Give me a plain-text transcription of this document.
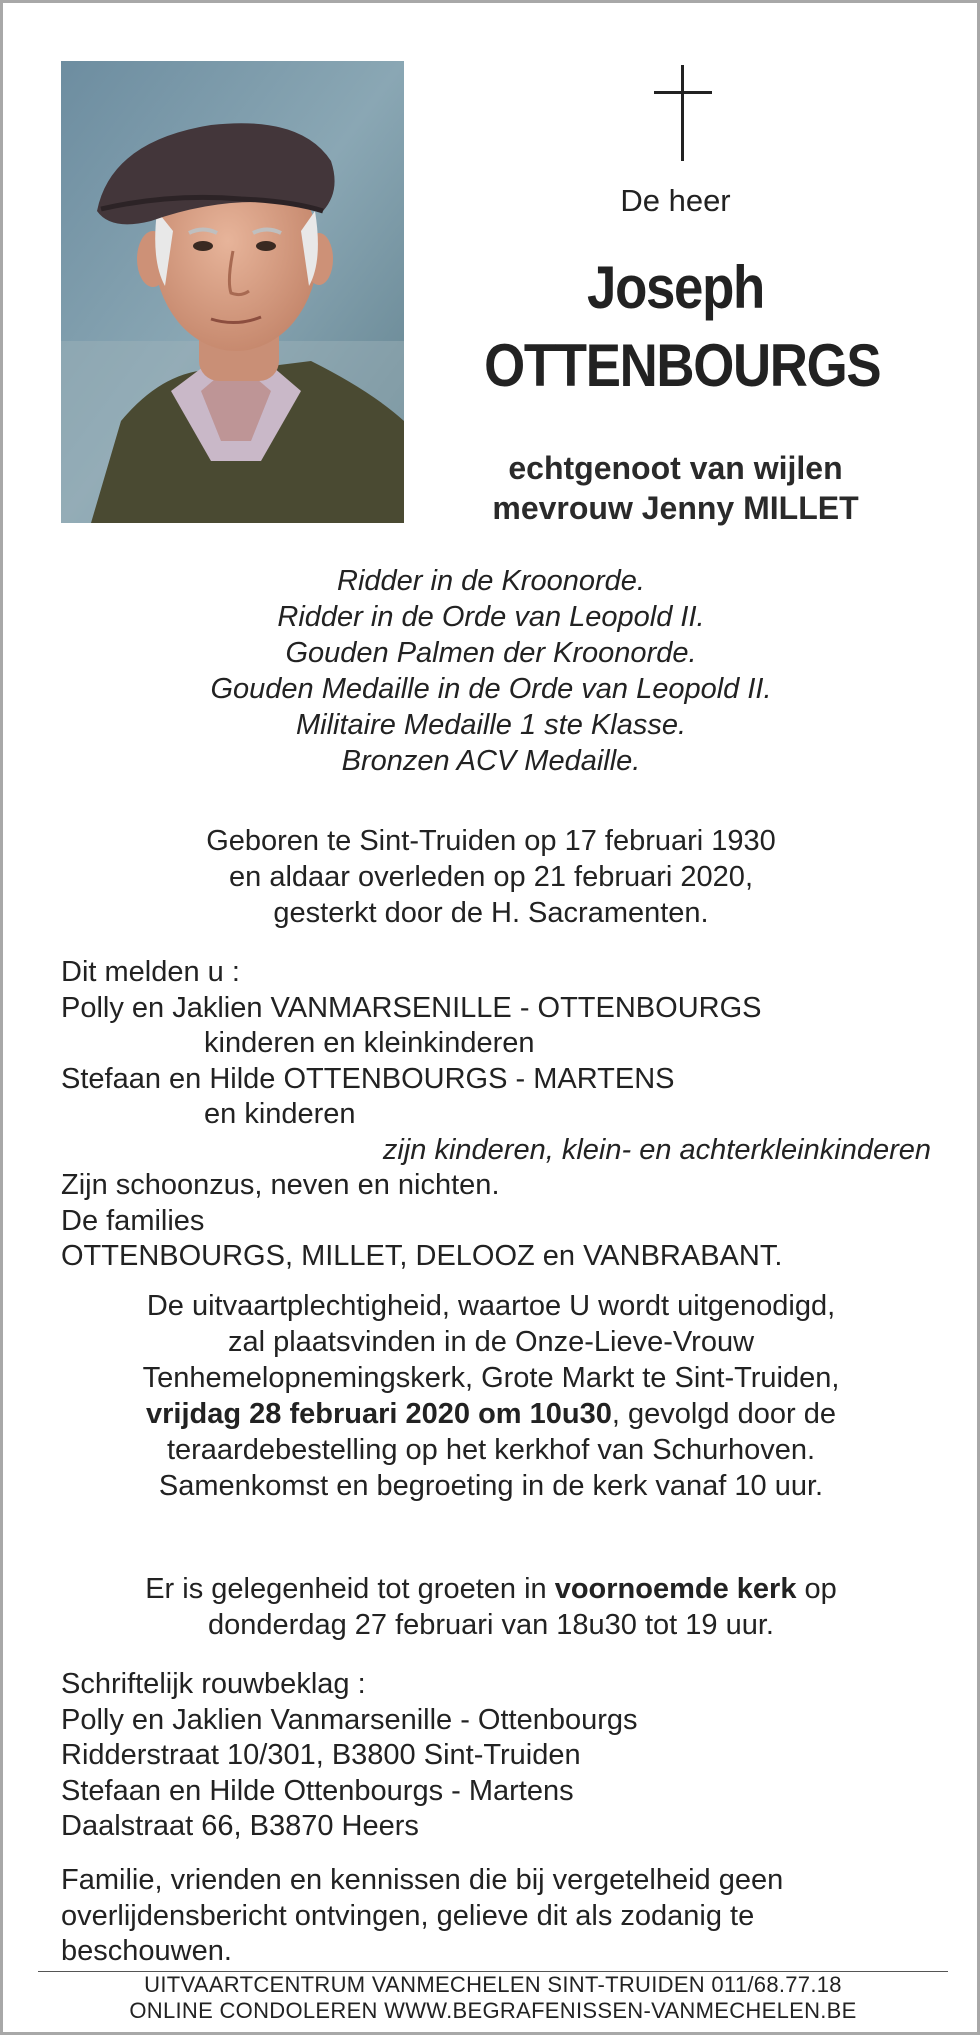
De heer
Joseph
OTTENBOURGS
echtgenoot van wijlen
mevrouw Jenny MILLET
Ridder in de Kroonorde.
Ridder in de Orde van Leopold II.
Gouden Palmen der Kroonorde.
Gouden Medaille in de Orde van Leopold II.
Militaire Medaille 1 ste Klasse.
Bronzen ACV Medaille.
Geboren te Sint-Truiden op 17 februari 1930
en aldaar overleden op 21 februari 2020,
gesterkt door de H. Sacramenten.
Dit melden u :
Polly en Jaklien VANMARSENILLE - OTTENBOURGS
kinderen en kleinkinderen
Stefaan en Hilde OTTENBOURGS - MARTENS
en kinderen
zijn kinderen, klein- en achterkleinkinderen
Zijn schoonzus, neven en nichten.
De families
OTTENBOURGS, MILLET, DELOOZ en VANBRABANT.
De uitvaartplechtigheid, waartoe U wordt uitgenodigd,
zal plaatsvinden in de Onze-Lieve-Vrouw
Tenhemelopnemingskerk, Grote Markt te Sint-Truiden,
vrijdag 28 februari 2020 om 10u30, gevolgd door de
teraardebestelling op het kerkhof van Schurhoven.
Samenkomst en begroeting in de kerk vanaf 10 uur.
Er is gelegenheid tot groeten in voornoemde kerk op
donderdag 27 februari van 18u30 tot 19 uur.
Schriftelijk rouwbeklag :
Polly en Jaklien Vanmarsenille - Ottenbourgs
Ridderstraat 10/301, B3800 Sint-Truiden
Stefaan en Hilde Ottenbourgs - Martens
Daalstraat 66, B3870 Heers
Familie, vrienden en kennissen die bij vergetelheid geen overlijdensbericht ontvingen, gelieve dit als zodanig te beschouwen.
UITVAARTCENTRUM VANMECHELEN SINT-TRUIDEN 011/68.77.18
ONLINE CONDOLEREN WWW.BEGRAFENISSEN-VANMECHELEN.BE
